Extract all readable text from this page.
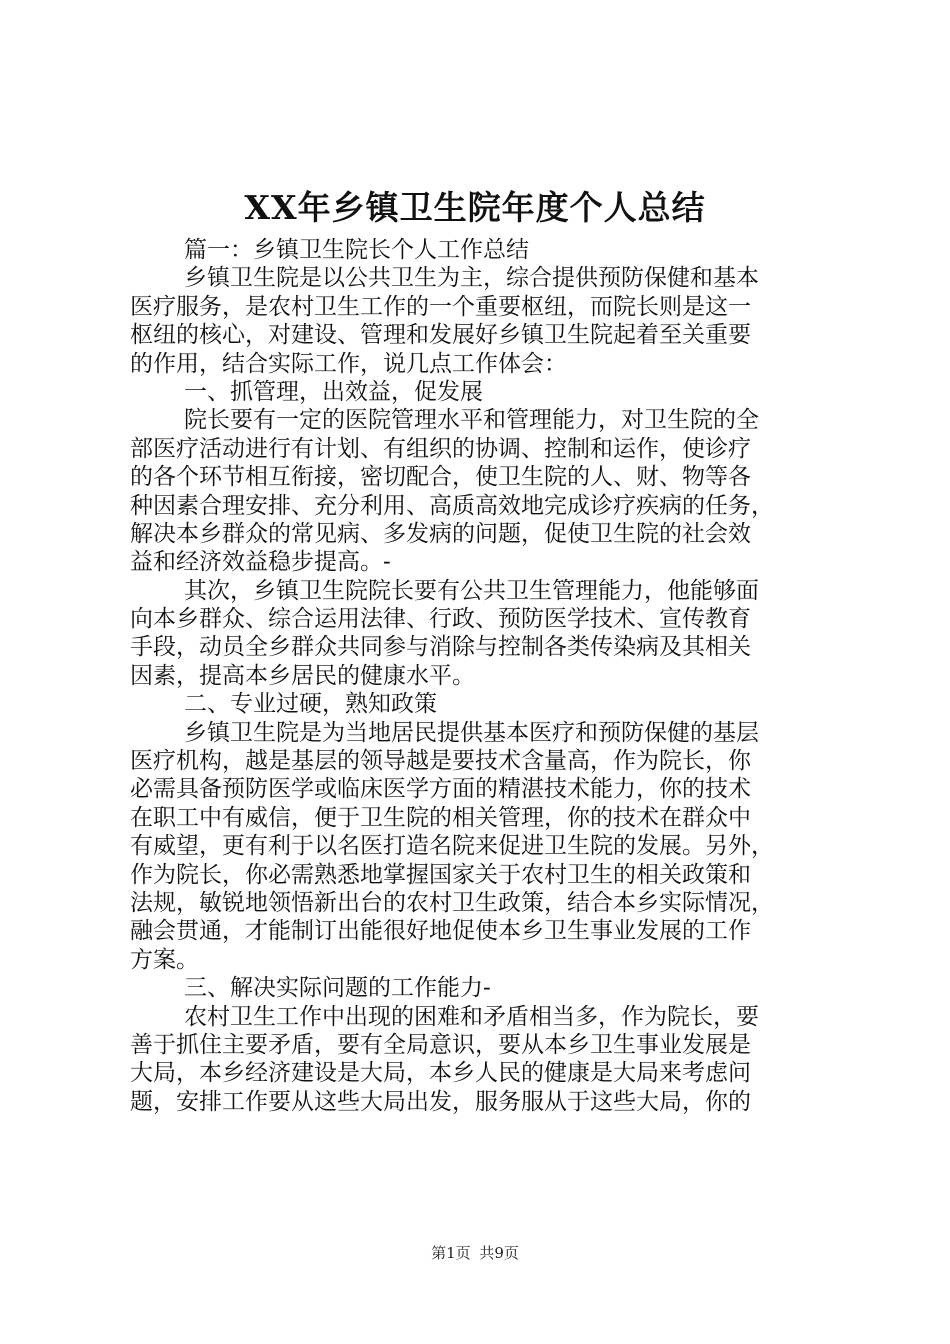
XX年乡镇卫生院年度个人总结

篇一：乡镇卫生院长个人工作总结

乡镇卫生院是以公共卫生为主，综合提供预防保健和基本

医疗服务，是农村卫生工作的一个重要枢纽，而院长则是这一

枢纽的核心，对建设、管理和发展好乡镇卫生院起着至关重要

的作用，结合实际工作，说几点工作体会：

一、抓管理，出效益，促发展

院长要有一定的医院管理水平和管理能力，对卫生院的全

部医疗活动进行有计划、有组织的协调、控制和运作，使诊疗

的各个环节相互衔接，密切配合，使卫生院的人、财、物等各

种因素合理安排、充分利用、高质高效地完成诊疗疾病的任务，

解决本乡群众的常见病、多发病的问题，促使卫生院的社会效

益和经济效益稳步提高。-

其次，乡镇卫生院院长要有公共卫生管理能力，他能够面

向本乡群众、综合运用法律、行政、预防医学技术、宣传教育

手段，动员全乡群众共同参与消除与控制各类传染病及其相关

因素，提高本乡居民的健康水平。

二、专业过硬，熟知政策

乡镇卫生院是为当地居民提供基本医疗和预防保健的基层

医疗机构，越是基层的领导越是要技术含量高，作为院长，你

必需具备预防医学或临床医学方面的精湛技术能力，你的技术

在职工中有威信，便于卫生院的相关管理，你的技术在群众中

有威望，更有利于以名医打造名院来促进卫生院的发展。另外，

作为院长，你必需熟悉地掌握国家关于农村卫生的相关政策和

法规，敏锐地领悟新出台的农村卫生政策，结合本乡实际情况，

融会贯通，才能制订出能很好地促使本乡卫生事业发展的工作

方案。

三、解决实际问题的工作能力-

农村卫生工作中出现的困难和矛盾相当多，作为院长，要

善于抓住主要矛盾，要有全局意识，要从本乡卫生事业发展是

大局，本乡经济建设是大局，本乡人民的健康是大局来考虑问

题，安排工作要从这些大局出发，服务服从于这些大局，你的

第1页 共9页
